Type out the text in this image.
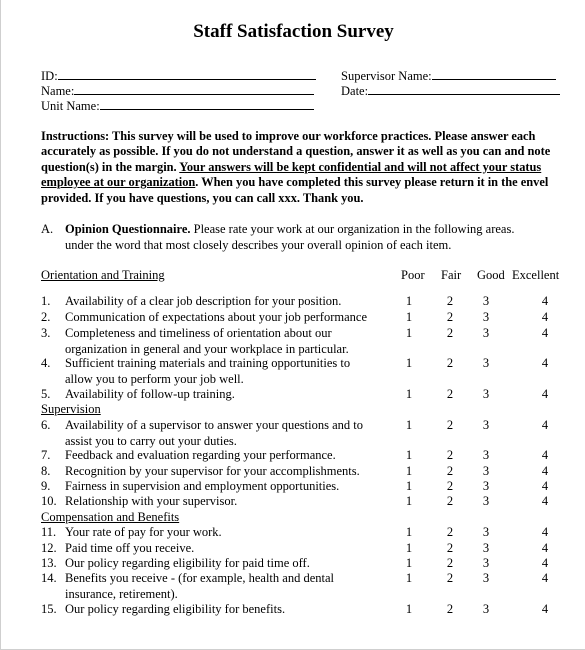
Staff Satisfaction Survey
ID:
Name:
Unit Name:
Supervisor Name:
Date:
Instructions: This survey will be used to improve our workforce practices. Please answer each
accurately as possible. If you do not understand a question, answer it as well as you can and note
question(s) in the margin. Your answers will be kept confidential and will not affect your status
employee at our organization. When you have completed this survey please return it in the envel
provided. If you have questions, you can call xxx. Thank you.
A. Opinion Questionnaire. Please rate your work at our organization in the following areas.
under the word that most closely describes your overall opinion of each item.
Poor Fair Good Excellent
Orientation and Training
Supervision
Compensation and Benefits
1.	Availability of a clear job description for your position.	1	2	3	4
2.	Communication of expectations about your job performance	1	2	3	4
3.	Completeness and timeliness of orientation about our
organization in general and your workplace in particular.
1	2	3	4
4.	Sufficient training materials and training opportunities to
allow you to perform your job well.
1	2	3	4
5.	Availability of follow-up training.	1	2	3	4
6.	Availability of a supervisor to answer your questions and to
assist you to carry out your duties.
1	2	3	4
7.	Feedback and evaluation regarding your performance.	1	2	3	4
8.	Recognition by your supervisor for your accomplishments.	1	2	3	4
9.	Fairness in supervision and employment opportunities.	1	2	3	4
10. Relationship with your supervisor.	1	2	3	4
11. Your rate of pay for your work.	1	2	3	4
12. Paid time off you receive.	1	2	3	4
13. Our policy regarding eligibility for paid time off.	1	2	3	4
14. Benefits you receive - (for example, health and dental
insurance, retirement).
1	2	3	4
15. Our policy regarding eligibility for benefits.	1	2	3	4
